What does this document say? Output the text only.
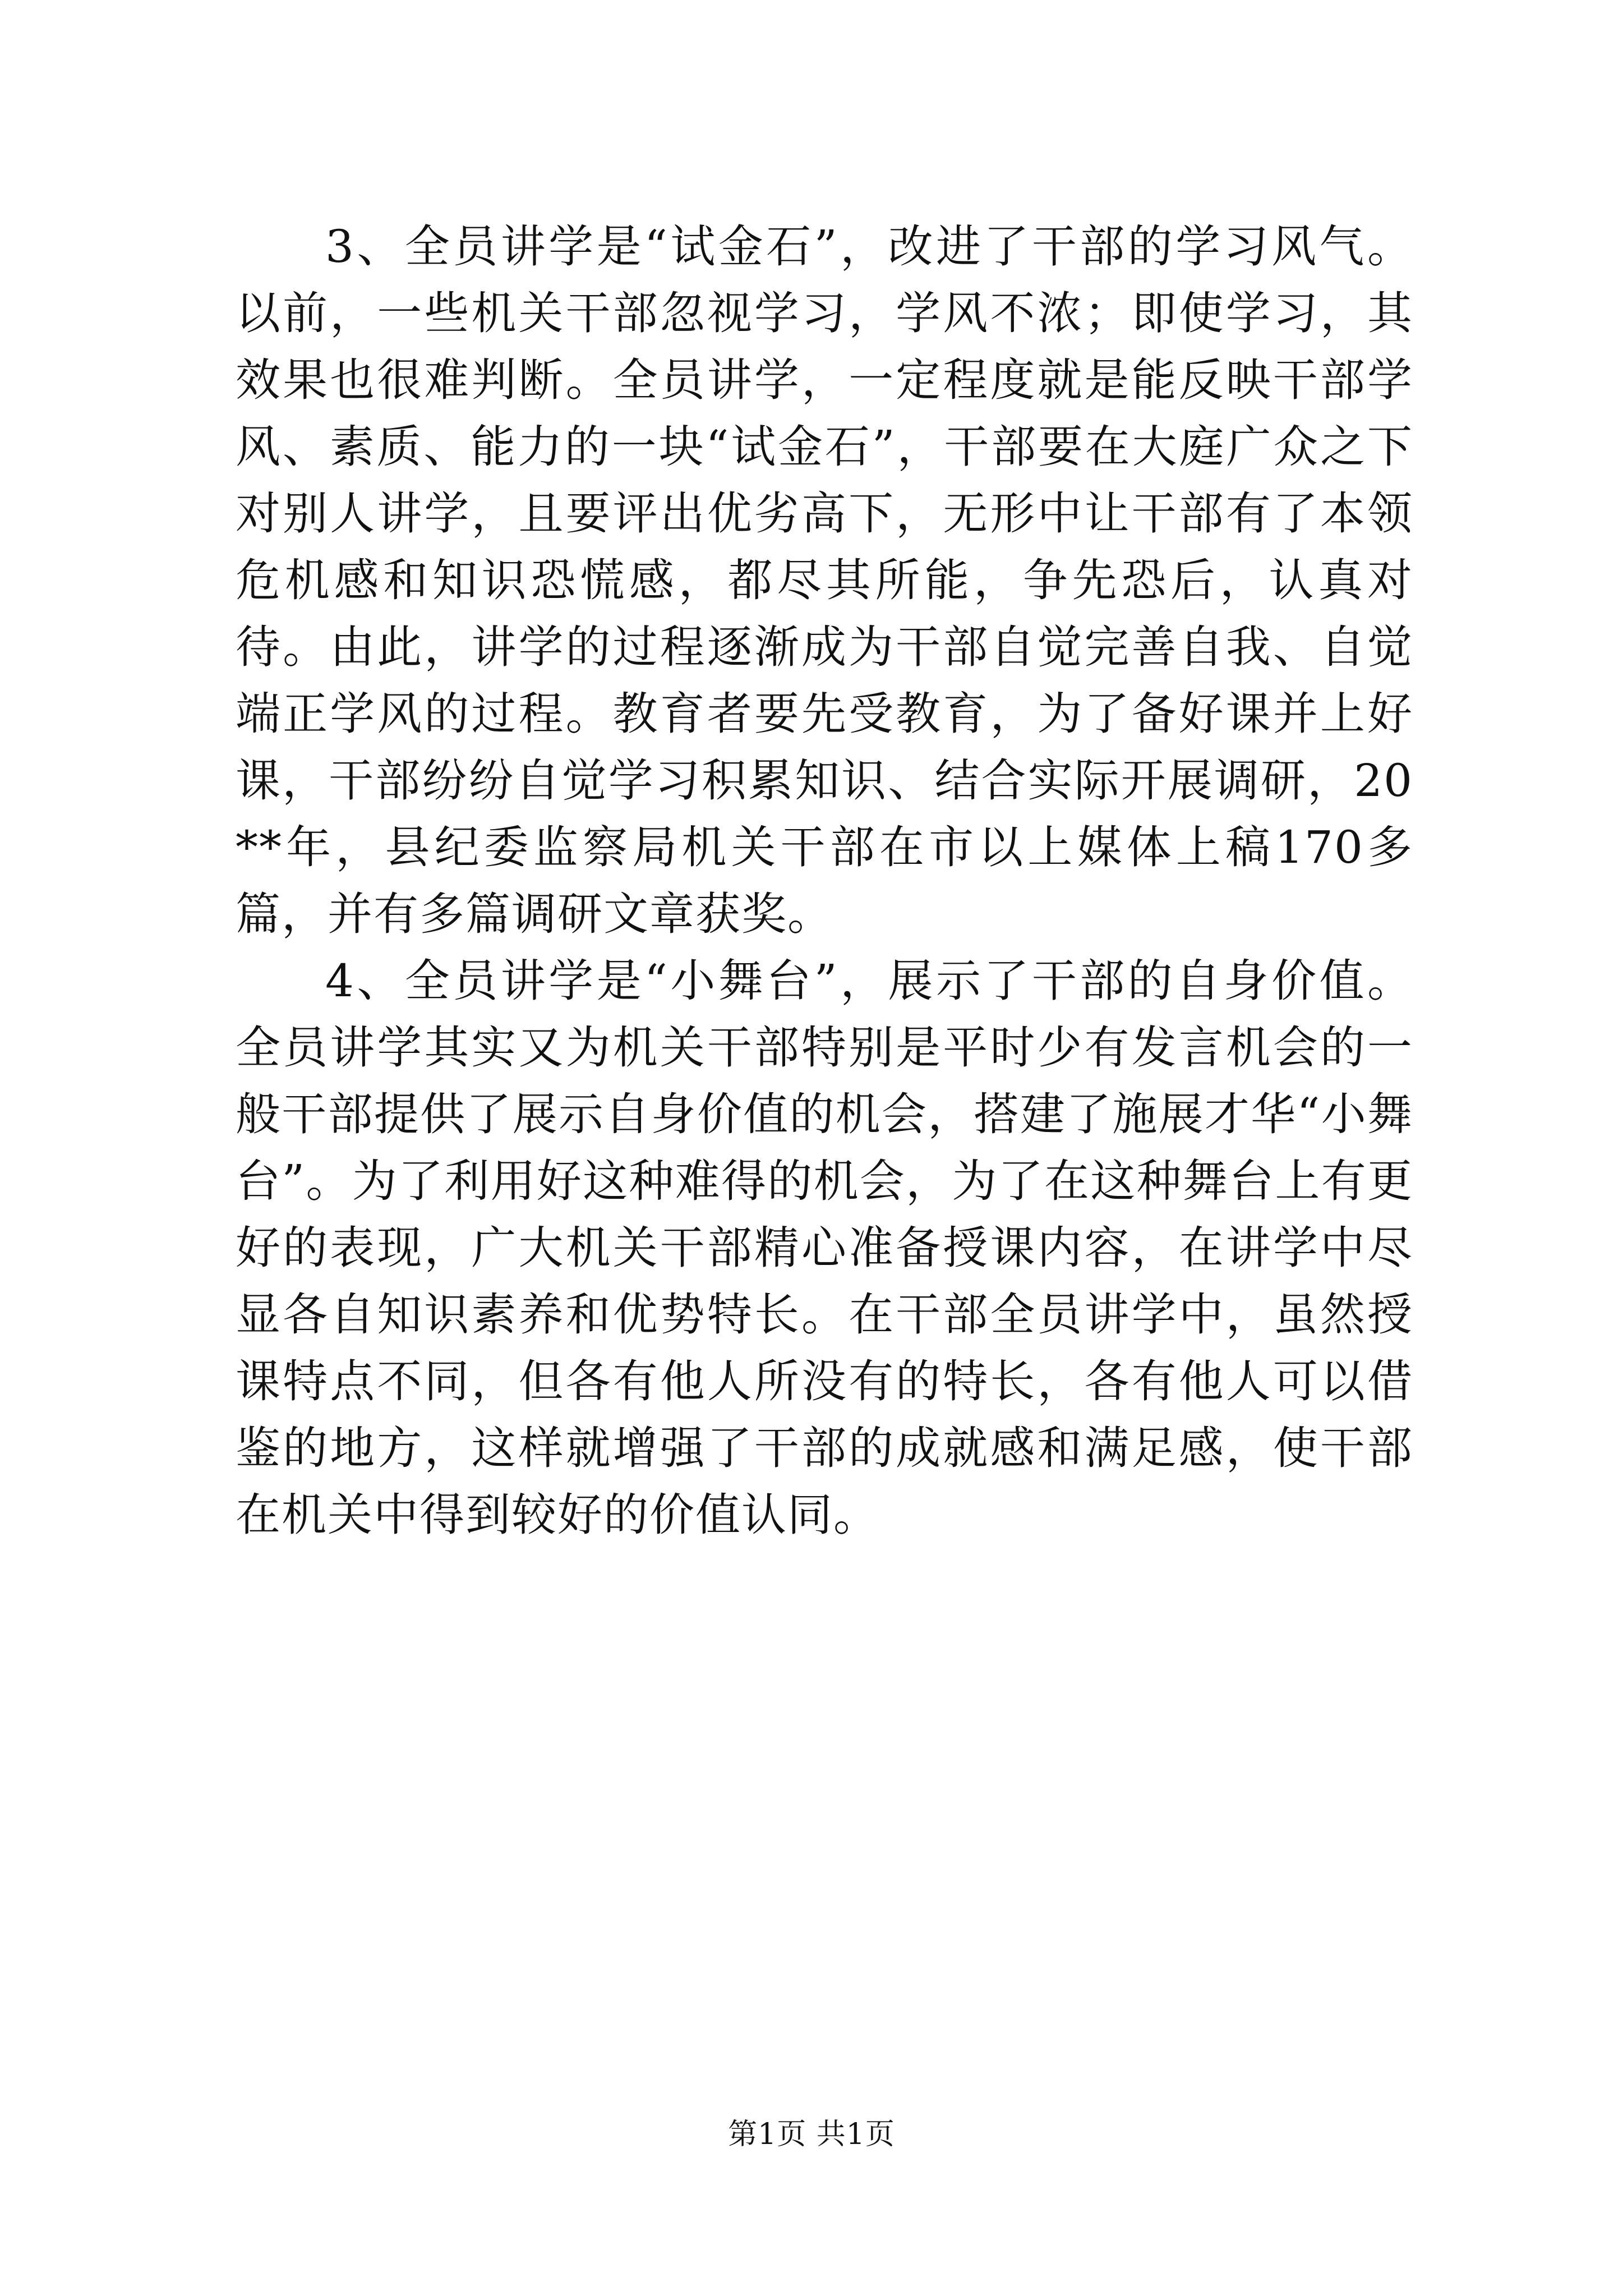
3、全员讲学是“试金石”，改进了干部的学习风气。以前，一些机关干部忽视学习，学风不浓；即使学习，其效果也很难判断。全员讲学，一定程度就是能反映干部学风、素质、能力的一块“试金石”，干部要在大庭广众之下对别人讲学，且要评出优劣高下，无形中让干部有了本领危机感和知识恐慌感，都尽其所能，争先恐后，认真对待。由此，讲学的过程逐渐成为干部自觉完善自我、自觉端正学风的过程。教育者要先受教育，为了备好课并上好课，干部纷纷自觉学习积累知识、结合实际开展调研，20**年，县纪委监察局机关干部在市以上媒体上稿170多篇，并有多篇调研文章获奖。

4、全员讲学是“小舞台”，展示了干部的自身价值。全员讲学其实又为机关干部特别是平时少有发言机会的一般干部提供了展示自身价值的机会，搭建了施展才华“小舞台”。为了利用好这种难得的机会，为了在这种舞台上有更好的表现，广大机关干部精心准备授课内容，在讲学中尽显各自知识素养和优势特长。在干部全员讲学中，虽然授课特点不同，但各有他人所没有的特长，各有他人可以借鉴的地方，这样就增强了干部的成就感和满足感，使干部在机关中得到较好的价值认同。

第1页 共1页
